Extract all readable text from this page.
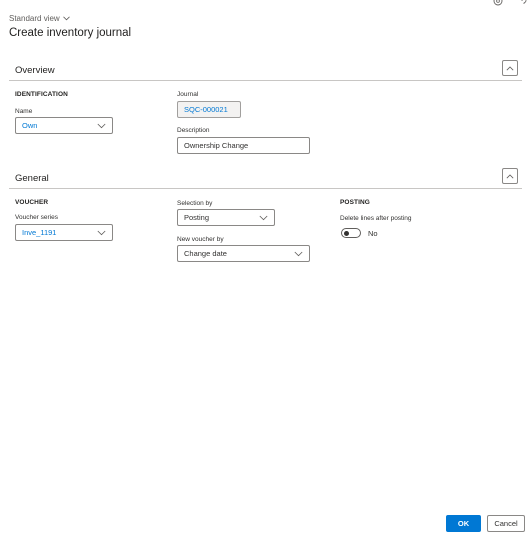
Standard view
Create inventory journal
Overview
IDENTIFICATION
Name
Own
Journal
SQC-000021
Description
Ownership Change
General
VOUCHER
Voucher series
Inve_1191
Selection by
Posting
New voucher by
Change date
POSTING
Delete lines after posting
No
OK	Cancel
